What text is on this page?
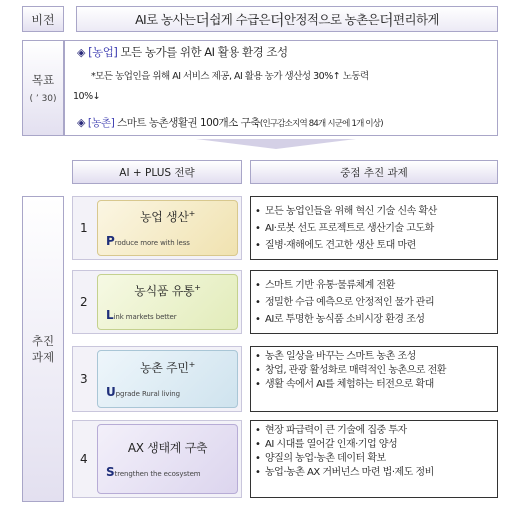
비전	AI로 농사는 더 쉽게 수급은 더 안정적으로 농촌은 더 편리하게
목표
( ’ 30)
◈ [농업] 모든 농가를 위한 AI 활용 환경 조성
*모든 농업인을 위해 AI 서비스 제공, AI 활용 농가 생산성 30%↑ 노동력
10%↓
◈ [농촌] 스마트 농촌생활권 100개소 구축(인구감소지역 84개 시군에 1개 이상)
AI + PLUS 전략	중점 추진 과제
추진
과제
1
농업 생산+
Produce more with less
2
농식품 유통+
Link markets better
3
농촌 주민+
Upgrade Rural living
4
AX 생태계 구축
Strengthen the ecosystem
• 모든 농업인들을 위해 혁신 기술 신속 확산
• AI·로봇 선도 프로젝트로 생산기술 고도화
• 질병·재해에도 견고한 생산 토대 마련
• 스마트 기반 유통·물류체계 전환
• 정밀한 수급 예측으로 안정적인 물가 관리
• AI로 투명한 농식품 소비시장 환경 조성
• 농촌 일상을 바꾸는 스마트 농촌 조성
• 창업, 관광 활성화로 매력적인 농촌으로 전환
• 생활 속에서 AI를 체험하는 터전으로 확대
• 현장 파급력이 큰 기술에 집중 투자
• AI 시대를 열어갈 인재·기업 양성
• 양질의 농업·농촌 데이터 확보
• 농업·농촌 AX 거버넌스 마련 법·제도 정비
